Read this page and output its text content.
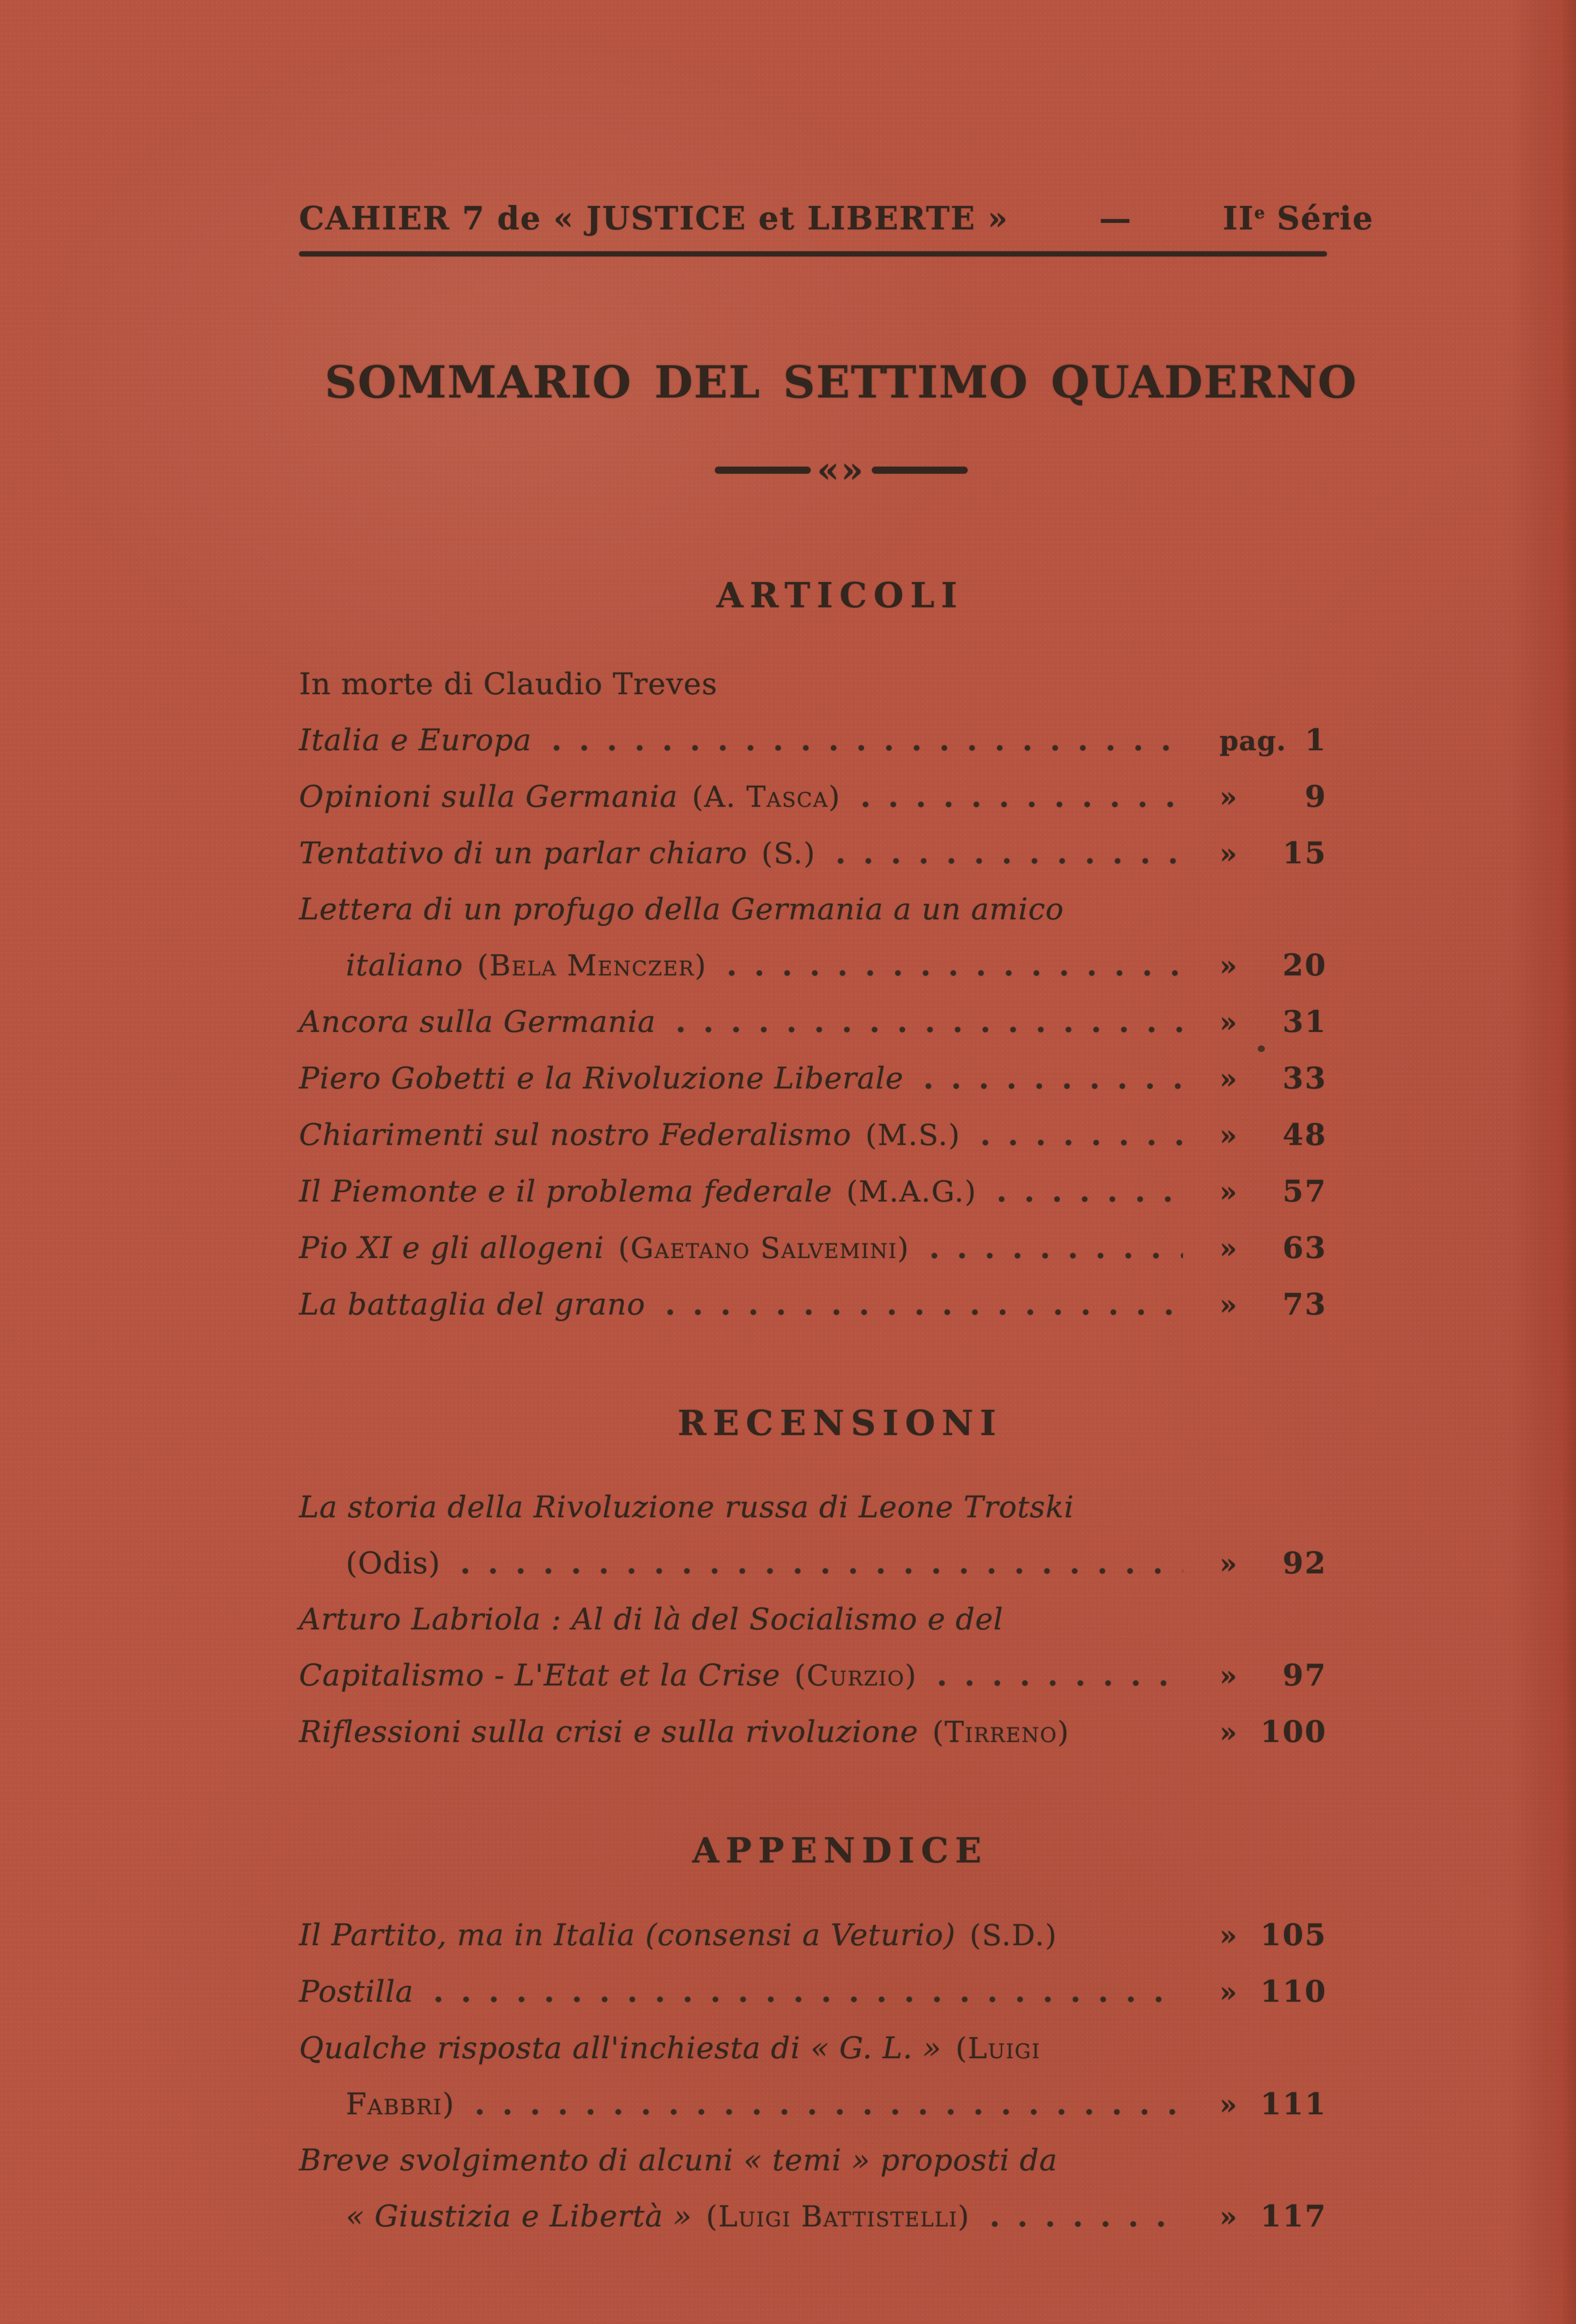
CAHIER 7 de « JUSTICE et LIBERTE »	—	IIe Série
SOMMARIO DEL SETTIMO QUADERNO
«»
ARTICOLI
In morte di Claudio Treves
Italia e Europa .....	pag. 1
Opinioni sulla Germania (A. Tasca) .....	» 9
Tentativo di un parlar chiaro (S.) .....	» 15
Lettera di un profugo della Germania a un amico
italiano (Bela Menczer) .....	» 20
Ancora sulla Germania .....	» 31
Piero Gobetti e la Rivoluzione Liberale .....	» 33
Chiarimenti sul nostro Federalismo (M.S.) .....	» 48
Il Piemonte e il problema federale (M.A.G.) .....	» 57
Pio XI e gli allogeni (Gaetano Salvemini) .....	» 63
La battaglia del grano .....	» 73
RECENSIONI
La storia della Rivoluzione russa di Leone Trotski
(Odis) .....	» 92
Arturo Labriola : Al di là del Socialismo e del
Capitalismo - L'Etat et la Crise (Curzio) .....	» 97
Riflessioni sulla crisi e sulla rivoluzione (Tirreno)	» 100
APPENDICE
Il Partito, ma in Italia (consensi a Veturio) (S.D.)	» 105
Postilla .....	» 110
Qualche risposta all'inchiesta di « G. L. » (Luigi
Fabbri) .....	» 111
Breve svolgimento di alcuni « temi » proposti da
« Giustizia e Libertà » (Luigi Battistelli) .....	» 117
